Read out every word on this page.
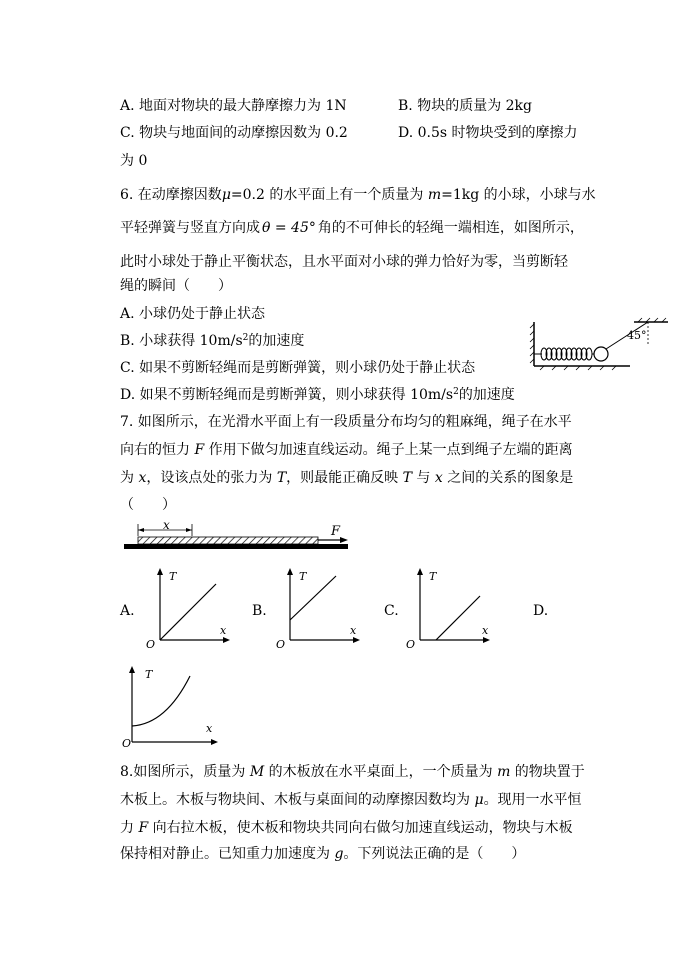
A. 地面对物块的最大静摩擦力为 1N	B. 物块的质量为 2kg
C. 物块与地面间的动摩擦因数为 0.2	D. 0.5s 时物块受到的摩擦力
为 0
6. 在动摩擦因数μ=0.2 的水平面上有一个质量为 m=1kg 的小球，小球与水
平轻弹簧与竖直方向成 θ = 45° 角的不可伸长的轻绳一端相连，如图所示，
此时小球处于静止平衡状态，且水平面对小球的弹力恰好为零，当剪断轻
绳的瞬间（　　）
A. 小球仍处于静止状态
B. 小球获得 $10m/s^2$的加速度
C. 如果不剪断轻绳而是剪断弹簧，则小球仍处于静止状态
D. 如果不剪断轻绳而是剪断弹簧，则小球获得 $10m/s^2$的加速度
45°
7. 如图所示，在光滑水平面上有一段质量分布均匀的粗麻绳，绳子在水平
向右的恒力 F 作用下做匀加速直线运动。绳子上某一点到绳子左端的距离
为 x，设该点处的张力为 T，则最能正确反映 T 与 x 之间的关系的图象是
（　　）
x	F
A.	B.	C.	D.
T
x
O
T
x
O
T
x
O
T
x
O
8.如图所示，质量为 M 的木板放在水平桌面上，一个质量为 m 的物块置于
木板上。木板与物块间、木板与桌面间的动摩擦因数均为 μ。现用一水平恒
力 F 向右拉木板，使木板和物块共同向右做匀加速直线运动，物块与木板
保持相对静止。已知重力加速度为 g。下列说法正确的是（　　）
